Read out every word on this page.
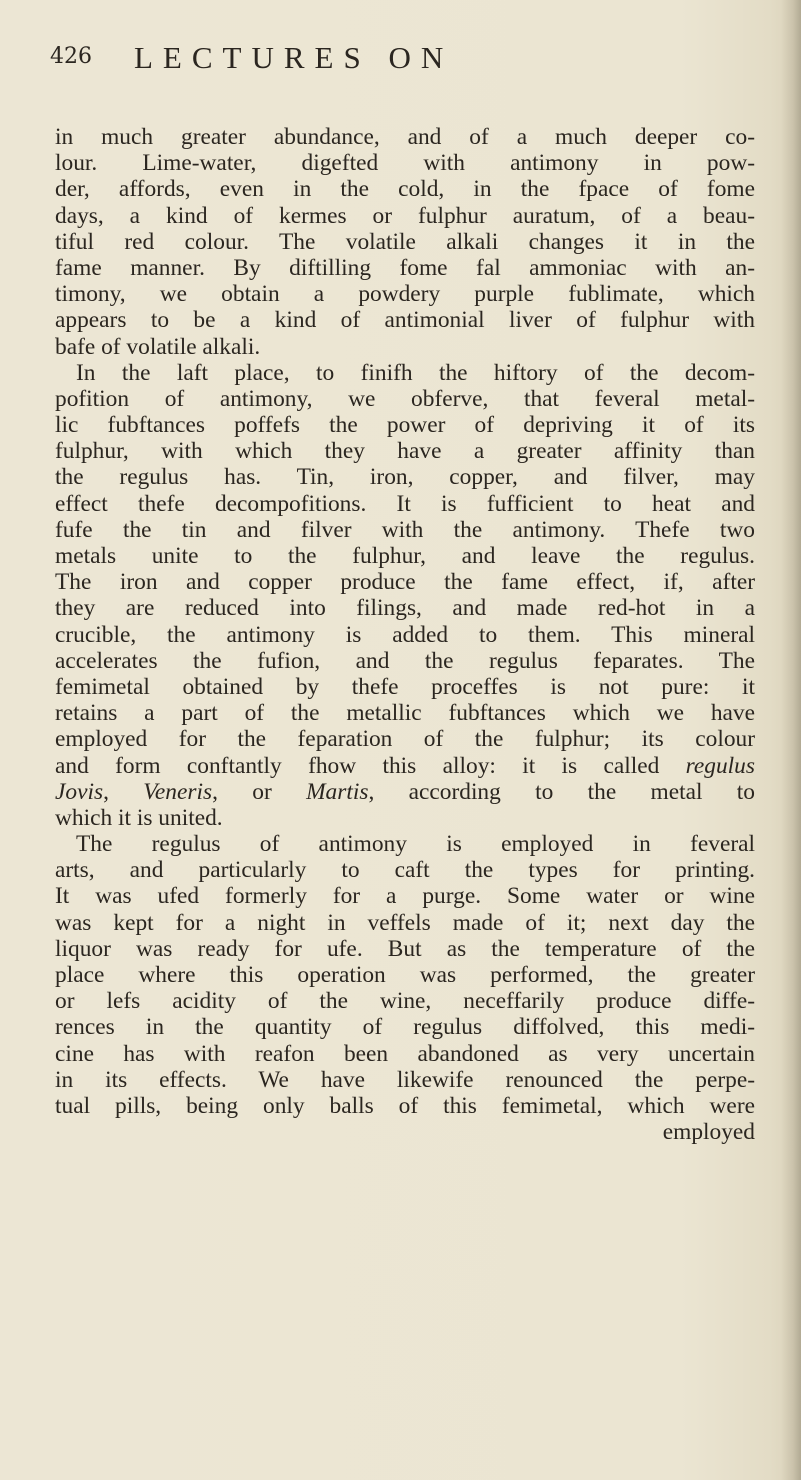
426 LECTURES ON
in much greater abundance, and of a much deeper co-
lour. Lime-water, digefted with antimony in pow-
der, affords, even in the cold, in the fpace of fome
days, a kind of kermes or fulphur auratum, of a beau-
tiful red colour. The volatile alkali changes it in the
fame manner. By diftilling fome fal ammoniac with an-
timony, we obtain a powdery purple fublimate, which
appears to be a kind of antimonial liver of fulphur with
bafe of volatile alkali.
In the laft place, to finifh the hiftory of the decom-
pofition of antimony, we obferve, that feveral metal-
lic fubftances poffefs the power of depriving it of its
fulphur, with which they have a greater affinity than
the regulus has. Tin, iron, copper, and filver, may
effect thefe decompofitions. It is fufficient to heat and
fufe the tin and filver with the antimony. Thefe two
metals unite to the fulphur, and leave the regulus.
The iron and copper produce the fame effect, if, after
they are reduced into filings, and made red-hot in a
crucible, the antimony is added to them. This mineral
accelerates the fufion, and the regulus feparates. The
femimetal obtained by thefe proceffes is not pure: it
retains a part of the metallic fubftances which we have
employed for the feparation of the fulphur; its colour
and form conftantly fhow this alloy: it is called regulus
Jovis, Veneris, or Martis, according to the metal to
which it is united.
The regulus of antimony is employed in feveral
arts, and particularly to caft the types for printing.
It was ufed formerly for a purge. Some water or wine
was kept for a night in veffels made of it; next day the
liquor was ready for ufe. But as the temperature of the
place where this operation was performed, the greater
or lefs acidity of the wine, neceffarily produce diffe-
rences in the quantity of regulus diffolved, this medi-
cine has with reafon been abandoned as very uncertain
in its effects. We have likewife renounced the perpe-
tual pills, being only balls of this femimetal, which were
employed
